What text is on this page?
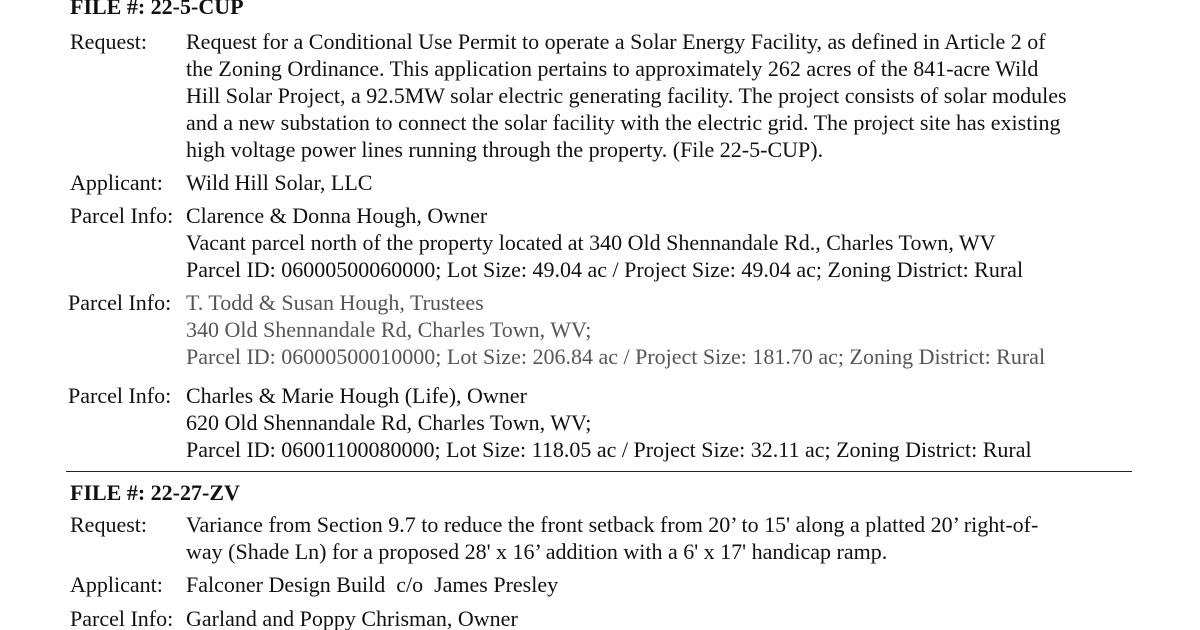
FILE #: 22-5-CUP
Request: Request for a Conditional Use Permit to operate a Solar Energy Facility, as defined in Article 2 of
the Zoning Ordinance. This application pertains to approximately 262 acres of the 841-acre Wild
Hill Solar Project, a 92.5MW solar electric generating facility. The project consists of solar modules
and a new substation to connect the solar facility with the electric grid. The project site has existing
high voltage power lines running through the property. (File 22-5-CUP).
Applicant: Wild Hill Solar, LLC
Parcel Info: Clarence & Donna Hough, Owner
Vacant parcel north of the property located at 340 Old Shennandale Rd., Charles Town, WV
Parcel ID: 06000500060000; Lot Size: 49.04 ac / Project Size: 49.04 ac; Zoning District: Rural
Parcel Info: T. Todd & Susan Hough, Trustees
340 Old Shennandale Rd, Charles Town, WV;
Parcel ID: 06000500010000; Lot Size: 206.84 ac / Project Size: 181.70 ac; Zoning District: Rural
Parcel Info: Charles & Marie Hough (Life), Owner
620 Old Shennandale Rd, Charles Town, WV;
Parcel ID: 06001100080000; Lot Size: 118.05 ac / Project Size: 32.11 ac; Zoning District: Rural
FILE #: 22-27-ZV
Request: Variance from Section 9.7 to reduce the front setback from 20’ to 15' along a platted 20’ right-of-
way (Shade Ln) for a proposed 28' x 16’ addition with a 6' x 17' handicap ramp.
Applicant: Falconer Design Build  c/o  James Presley
Parcel Info: Garland and Poppy Chrisman, Owner
